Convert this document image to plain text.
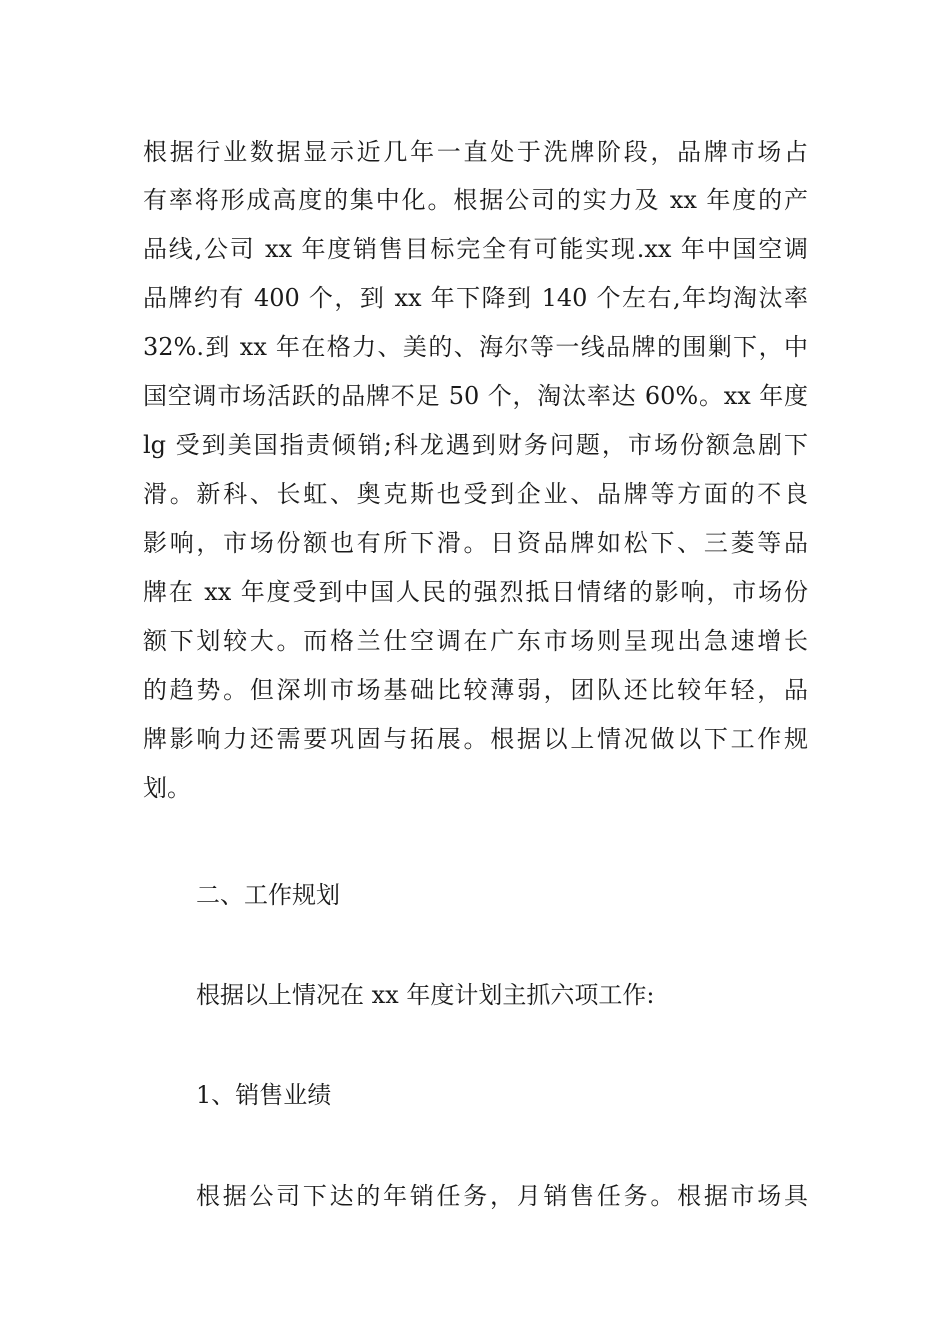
根据行业数据显示近几年一直处于洗牌阶段，品牌市场占
有率将形成高度的集中化。根据公司的实力及 xx 年度的产
品线,公司 xx 年度销售目标完全有可能实现.xx 年中国空调
品牌约有 400 个，到 xx 年下降到 140 个左右,年均淘汰率
32%.到 xx 年在格力、美的、海尔等一线品牌的围剿下，中
国空调市场活跃的品牌不足 50 个，淘汰率达 60%。xx 年度
lg 受到美国指责倾销;科龙遇到财务问题，市场份额急剧下
滑。新科、长虹、奥克斯也受到企业、品牌等方面的不良
影响，市场份额也有所下滑。日资品牌如松下、三菱等品
牌在 xx 年度受到中国人民的强烈抵日情绪的影响，市场份
额下划较大。而格兰仕空调在广东市场则呈现出急速增长
的趋势。但深圳市场基础比较薄弱，团队还比较年轻，品
牌影响力还需要巩固与拓展。根据以上情况做以下工作规
划。
二、工作规划
根据以上情况在 xx 年度计划主抓六项工作:
1、销售业绩
根据公司下达的年销任务，月销售任务。根据市场具
